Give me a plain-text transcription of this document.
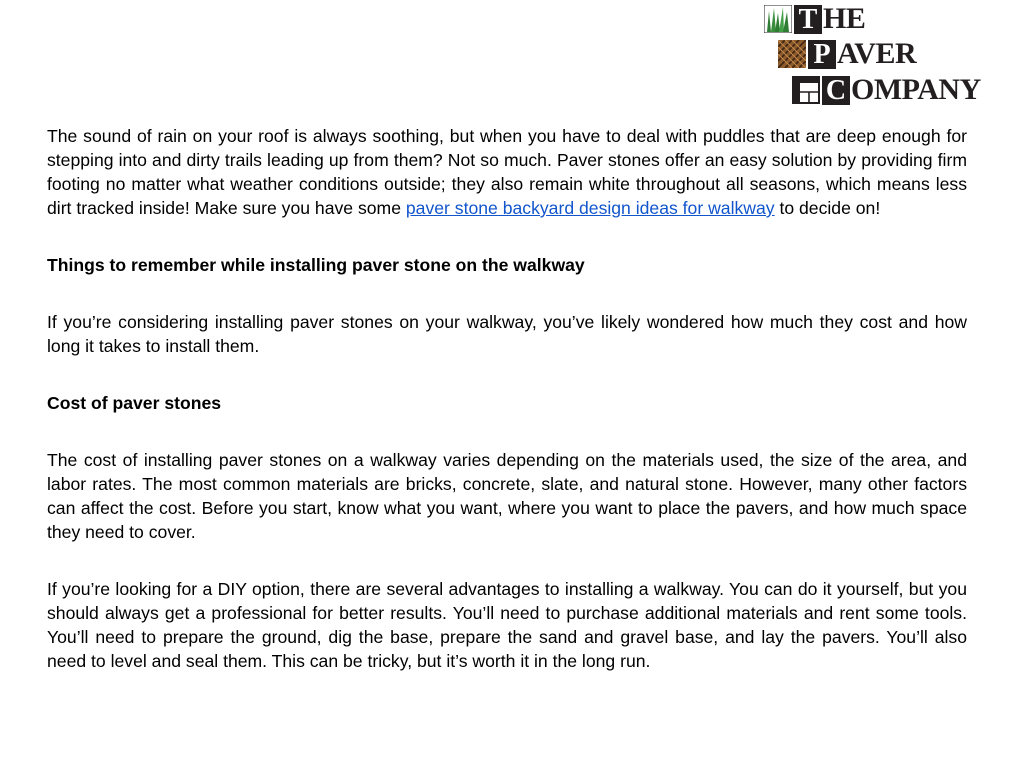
T HE
P AVER
C OMPANY

The sound of rain on your roof is always soothing, but when you have to deal with puddles that are deep enough for stepping into and dirty trails leading up from them? Not so much. Paver stones offer an easy solution by providing firm footing no matter what weather conditions outside; they also remain white throughout all seasons, which means less dirt tracked inside! Make sure you have some paver stone backyard design ideas for walkway to decide on!

Things to remember while installing paver stone on the walkway

If you’re considering installing paver stones on your walkway, you’ve likely wondered how much they cost and how long it takes to install them.

Cost of paver stones

The cost of installing paver stones on a walkway varies depending on the materials used, the size of the area, and labor rates. The most common materials are bricks, concrete, slate, and natural stone. However, many other factors can affect the cost. Before you start, know what you want, where you want to place the pavers, and how much space they need to cover.

If you’re looking for a DIY option, there are several advantages to installing a walkway. You can do it yourself, but you should always get a professional for better results. You’ll need to purchase additional materials and rent some tools. You’ll need to prepare the ground, dig the base, prepare the sand and gravel base, and lay the pavers. You’ll also need to level and seal them. This can be tricky, but it’s worth it in the long run.
